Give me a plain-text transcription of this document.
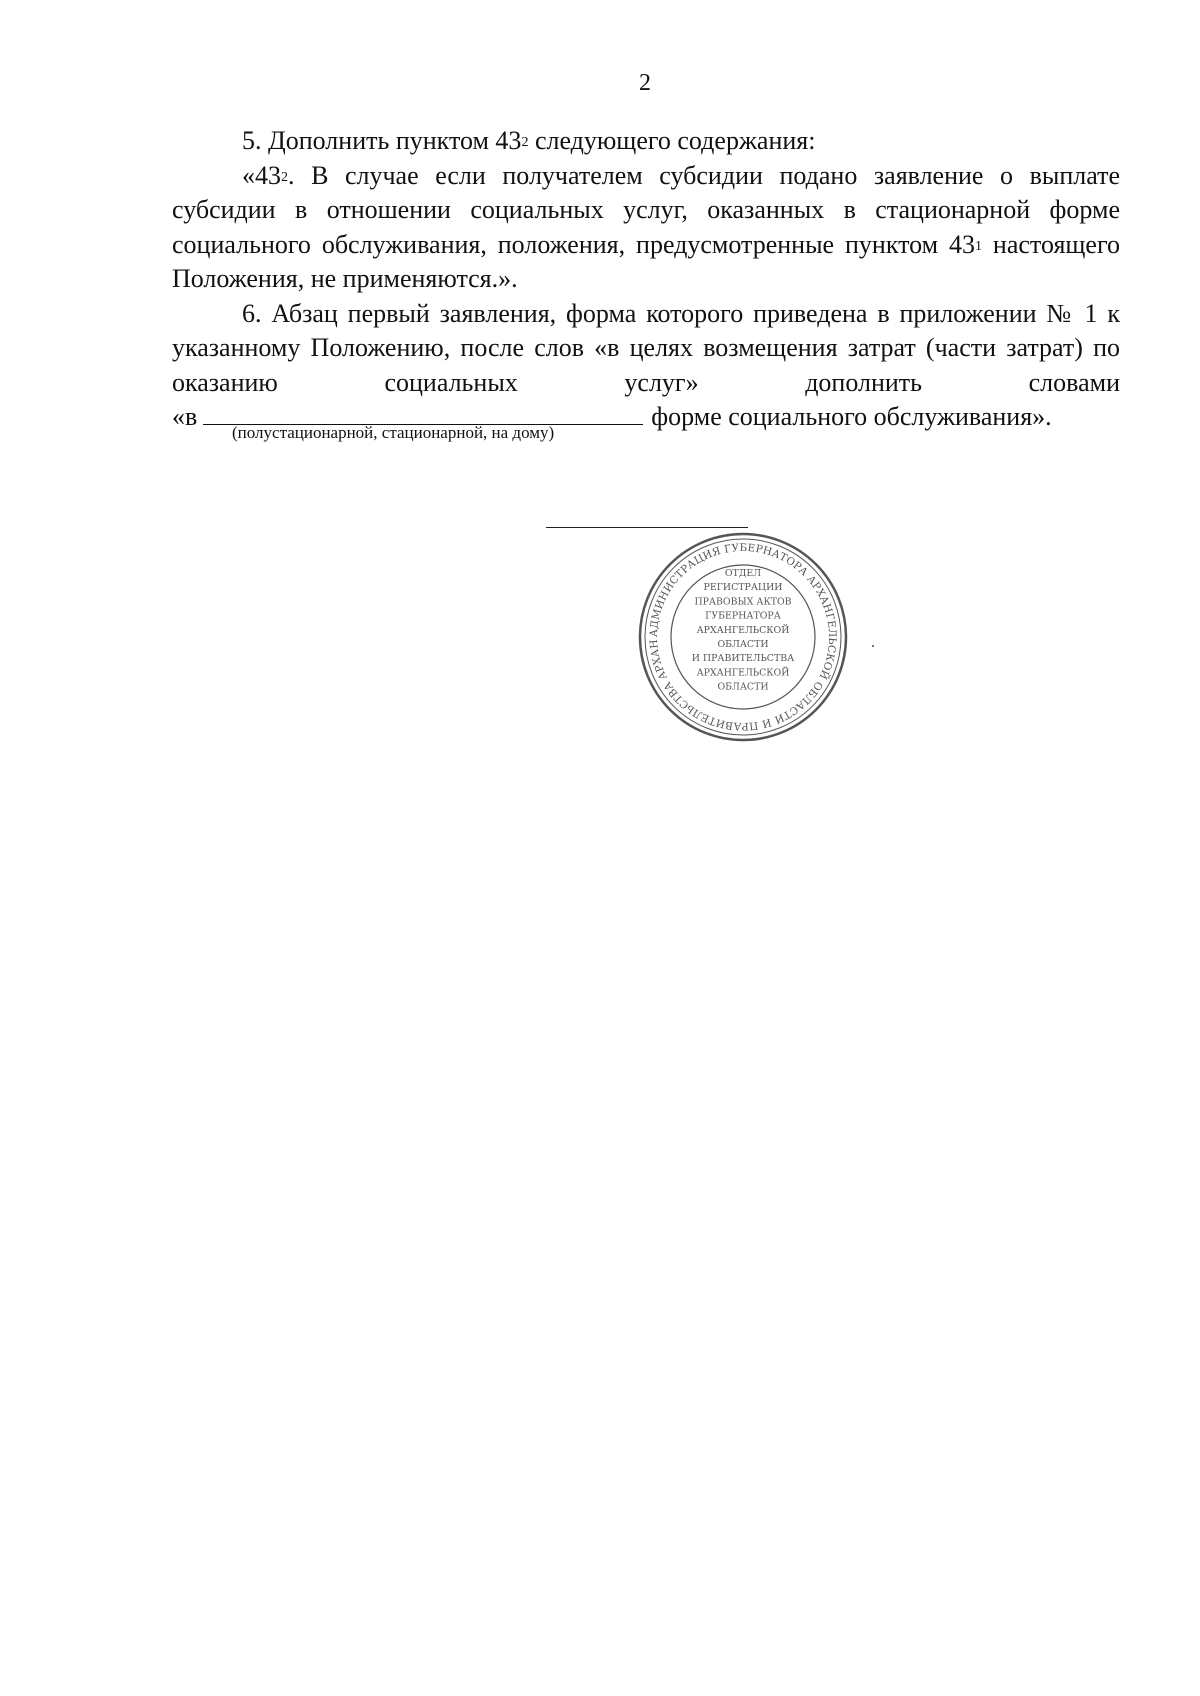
2

5. Дополнить пунктом $43^2$ следующего содержания:

«$43^2$. В случае если получателем субсидии подано заявление о выплате субсидии в отношении социальных услуг, оказанных в стационарной форме социального обслуживания, положения, предусмотренные пунктом $43^1$ настоящего Положения, не применяются.».

6. Абзац первый заявления, форма которого приведена в приложении № 1 к указанному Положению, после слов «в целях возмещения затрат (части затрат) по оказанию социальных услуг» дополнить словами

«в	форме социального обслуживания».
(полустационарной, стационарной, на дому)
АДМИНИСТРАЦИЯ ГУБЕРНАТОРА АРХАНГЕЛЬСКОЙ ОБЛАСТИ И ПРАВИТЕЛЬСТВА АРХАН
ОТДЕЛ
РЕГИСТРАЦИИ
ПРАВОВЫХ АКТОВ
ГУБЕРНАТОРА
АРХАНГЕЛЬСКОЙ
ОБЛАСТИ
И ПРАВИТЕЛЬСТВА
АРХАНГЕЛЬСКОЙ
ОБЛАСТИ
